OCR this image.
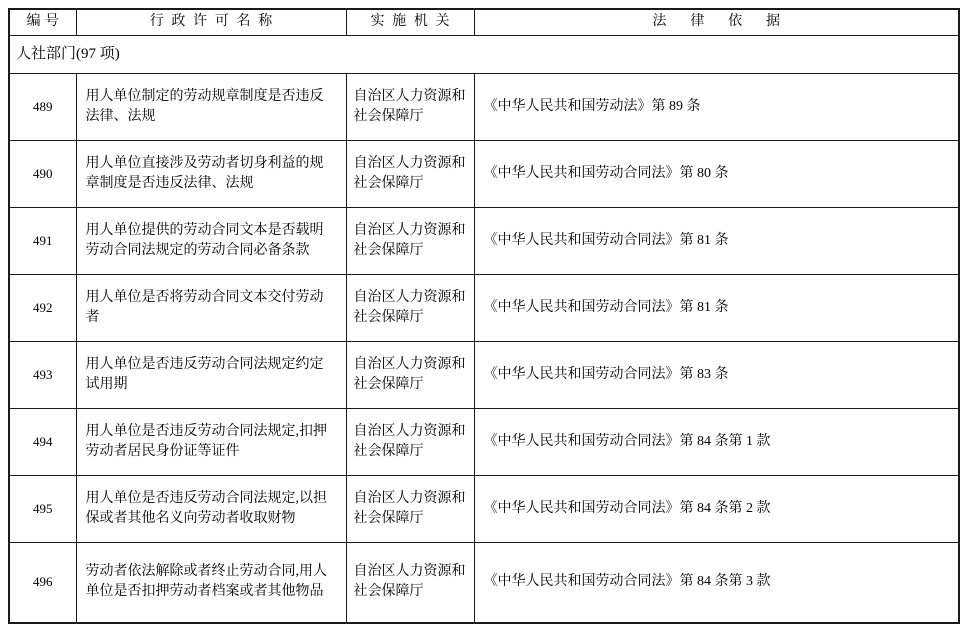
编号	行政许可名称	实施机关	法律依据
人社部门(97 项)			
489	用人单位制定的劳动规章制度是否违反法律、法规	自治区人力资源和社会保障厅	《中华人民共和国劳动法》第 89 条
490	用人单位直接涉及劳动者切身利益的规章制度是否违反法律、法规	自治区人力资源和社会保障厅	《中华人民共和国劳动合同法》第 80 条
491	用人单位提供的劳动合同文本是否载明劳动合同法规定的劳动合同必备条款	自治区人力资源和社会保障厅	《中华人民共和国劳动合同法》第 81 条
492	用人单位是否将劳动合同文本交付劳动者	自治区人力资源和社会保障厅	《中华人民共和国劳动合同法》第 81 条
493	用人单位是否违反劳动合同法规定约定试用期	自治区人力资源和社会保障厅	《中华人民共和国劳动合同法》第 83 条
494	用人单位是否违反劳动合同法规定,扣押劳动者居民身份证等证件	自治区人力资源和社会保障厅	《中华人民共和国劳动合同法》第 84 条第 1 款
495	用人单位是否违反劳动合同法规定,以担保或者其他名义向劳动者收取财物	自治区人力资源和社会保障厅	《中华人民共和国劳动合同法》第 84 条第 2 款
496	劳动者依法解除或者终止劳动合同,用人单位是否扣押劳动者档案或者其他物品	自治区人力资源和社会保障厅	《中华人民共和国劳动合同法》第 84 条第 3 款
